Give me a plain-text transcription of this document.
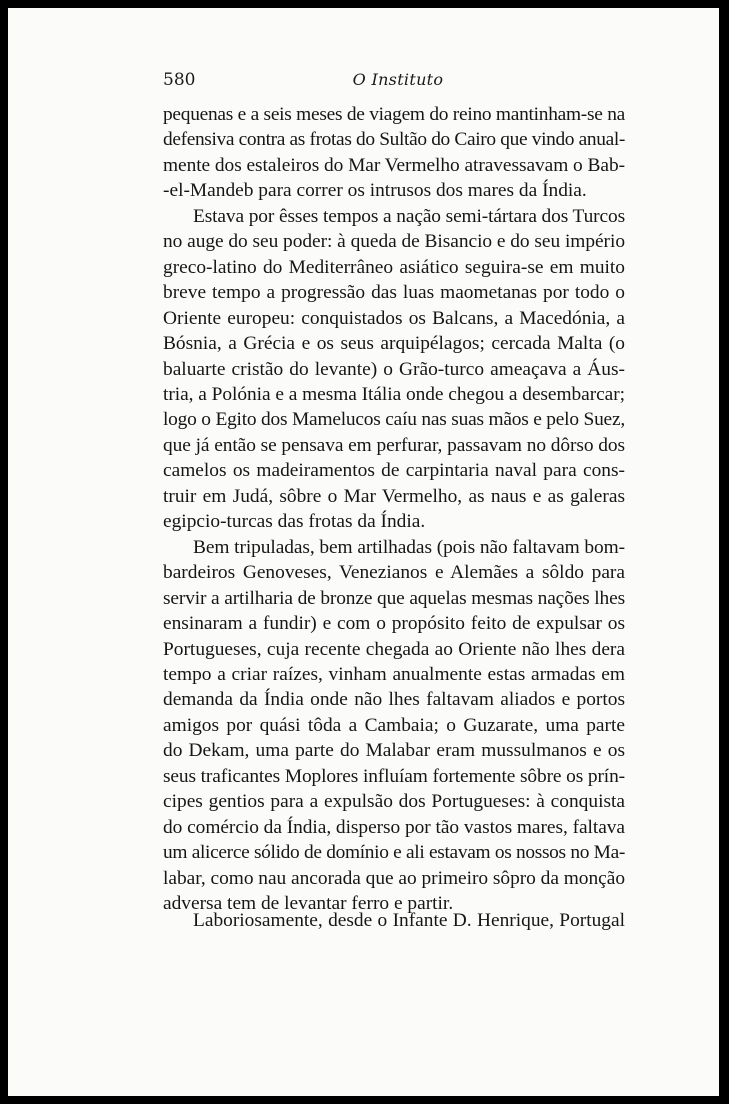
580	O Instituto

pequenas e a seis meses de viagem do reino mantinham-se na
defensiva contra as frotas do Sultão do Cairo que vindo anual-
mente dos estaleiros do Mar Vermelho atravessavam o Bab-
-el-Mandeb para correr os intrusos dos mares da Índia.

Estava por êsses tempos a nação semi-tártara dos Turcos
no auge do seu poder: à queda de Bisancio e do seu império
greco-latino do Mediterrâneo asiático seguira-se em muito
breve tempo a progressão das luas maometanas por todo o
Oriente europeu: conquistados os Balcans, a Macedónia, a
Bósnia, a Grécia e os seus arquipélagos; cercada Malta (o
baluarte cristão do levante) o Grão-turco ameaçava a Áus-
tria, a Polónia e a mesma Itália onde chegou a desembarcar;
logo o Egito dos Mamelucos caíu nas suas mãos e pelo Suez,
que já então se pensava em perfurar, passavam no dôrso dos
camelos os madeiramentos de carpintaria naval para cons-
truir em Judá, sôbre o Mar Vermelho, as naus e as galeras
egipcio-turcas das frotas da Índia.

Bem tripuladas, bem artilhadas (pois não faltavam bom-
bardeiros Genoveses, Venezianos e Alemães a sôldo para
servir a artilharia de bronze que aquelas mesmas nações lhes
ensinaram a fundir) e com o propósito feito de expulsar os
Portugueses, cuja recente chegada ao Oriente não lhes dera
tempo a criar raízes, vinham anualmente estas armadas em
demanda da Índia onde não lhes faltavam aliados e portos
amigos por quási tôda a Cambaia; o Guzarate, uma parte
do Dekam, uma parte do Malabar eram mussulmanos e os
seus traficantes Moplores influíam fortemente sôbre os prín-
cipes gentios para a expulsão dos Portugueses: à conquista
do comércio da Índia, disperso por tão vastos mares, faltava
um alicerce sólido de domínio e ali estavam os nossos no Ma-
labar, como nau ancorada que ao primeiro sôpro da monção
adversa tem de levantar ferro e partir.

Laboriosamente, desde o Infante D. Henrique, Portugal
